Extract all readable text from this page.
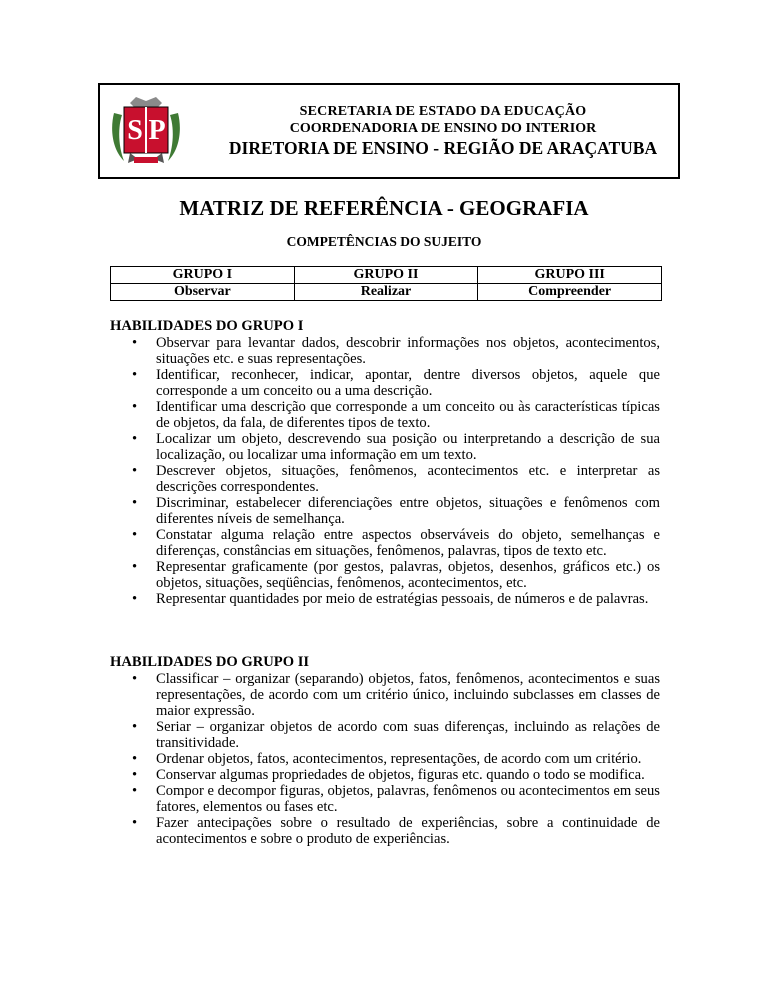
S P
SECRETARIA DE ESTADO DA EDUCAÇÃO
COORDENADORIA DE ENSINO DO INTERIOR
DIRETORIA DE ENSINO - REGIÃO DE ARAÇATUBA
MATRIZ DE REFERÊNCIA - GEOGRAFIA
COMPETÊNCIAS DO SUJEITO
GRUPO I	GRUPO II	GRUPO III
Observar	Realizar	Compreender
HABILIDADES DO GRUPO I
• Observar para levantar dados, descobrir informações nos objetos, acontecimentos, situações etc. e suas representações.
• Identificar, reconhecer, indicar, apontar, dentre diversos objetos, aquele que corresponde a um conceito ou a uma descrição.
• Identificar uma descrição que corresponde a um conceito ou às características típicas de objetos, da fala, de diferentes tipos de texto.
• Localizar um objeto, descrevendo sua posição ou interpretando a descrição de sua localização, ou localizar uma informação em um texto.
• Descrever objetos, situações, fenômenos, acontecimentos etc. e interpretar as descrições correspondentes.
• Discriminar, estabelecer diferenciações entre objetos, situações e fenômenos com diferentes níveis de semelhança.
• Constatar alguma relação entre aspectos observáveis do objeto, semelhanças e diferenças, constâncias em situações, fenômenos, palavras, tipos de texto etc.
• Representar graficamente (por gestos, palavras, objetos, desenhos, gráficos etc.) os objetos, situações, seqüências, fenômenos, acontecimentos, etc.
• Representar quantidades por meio de estratégias pessoais, de números e de palavras.
HABILIDADES DO GRUPO II
• Classificar – organizar (separando) objetos, fatos, fenômenos, acontecimentos e suas representações, de acordo com um critério único, incluindo subclasses em classes de maior expressão.
• Seriar – organizar objetos de acordo com suas diferenças, incluindo as relações de transitividade.
• Ordenar objetos, fatos, acontecimentos, representações, de acordo com um critério.
• Conservar algumas propriedades de objetos, figuras etc. quando o todo se modifica.
• Compor e decompor figuras, objetos, palavras, fenômenos ou acontecimentos em seus fatores, elementos ou fases etc.
• Fazer antecipações sobre o resultado de experiências, sobre a continuidade de acontecimentos e sobre o produto de experiências.
